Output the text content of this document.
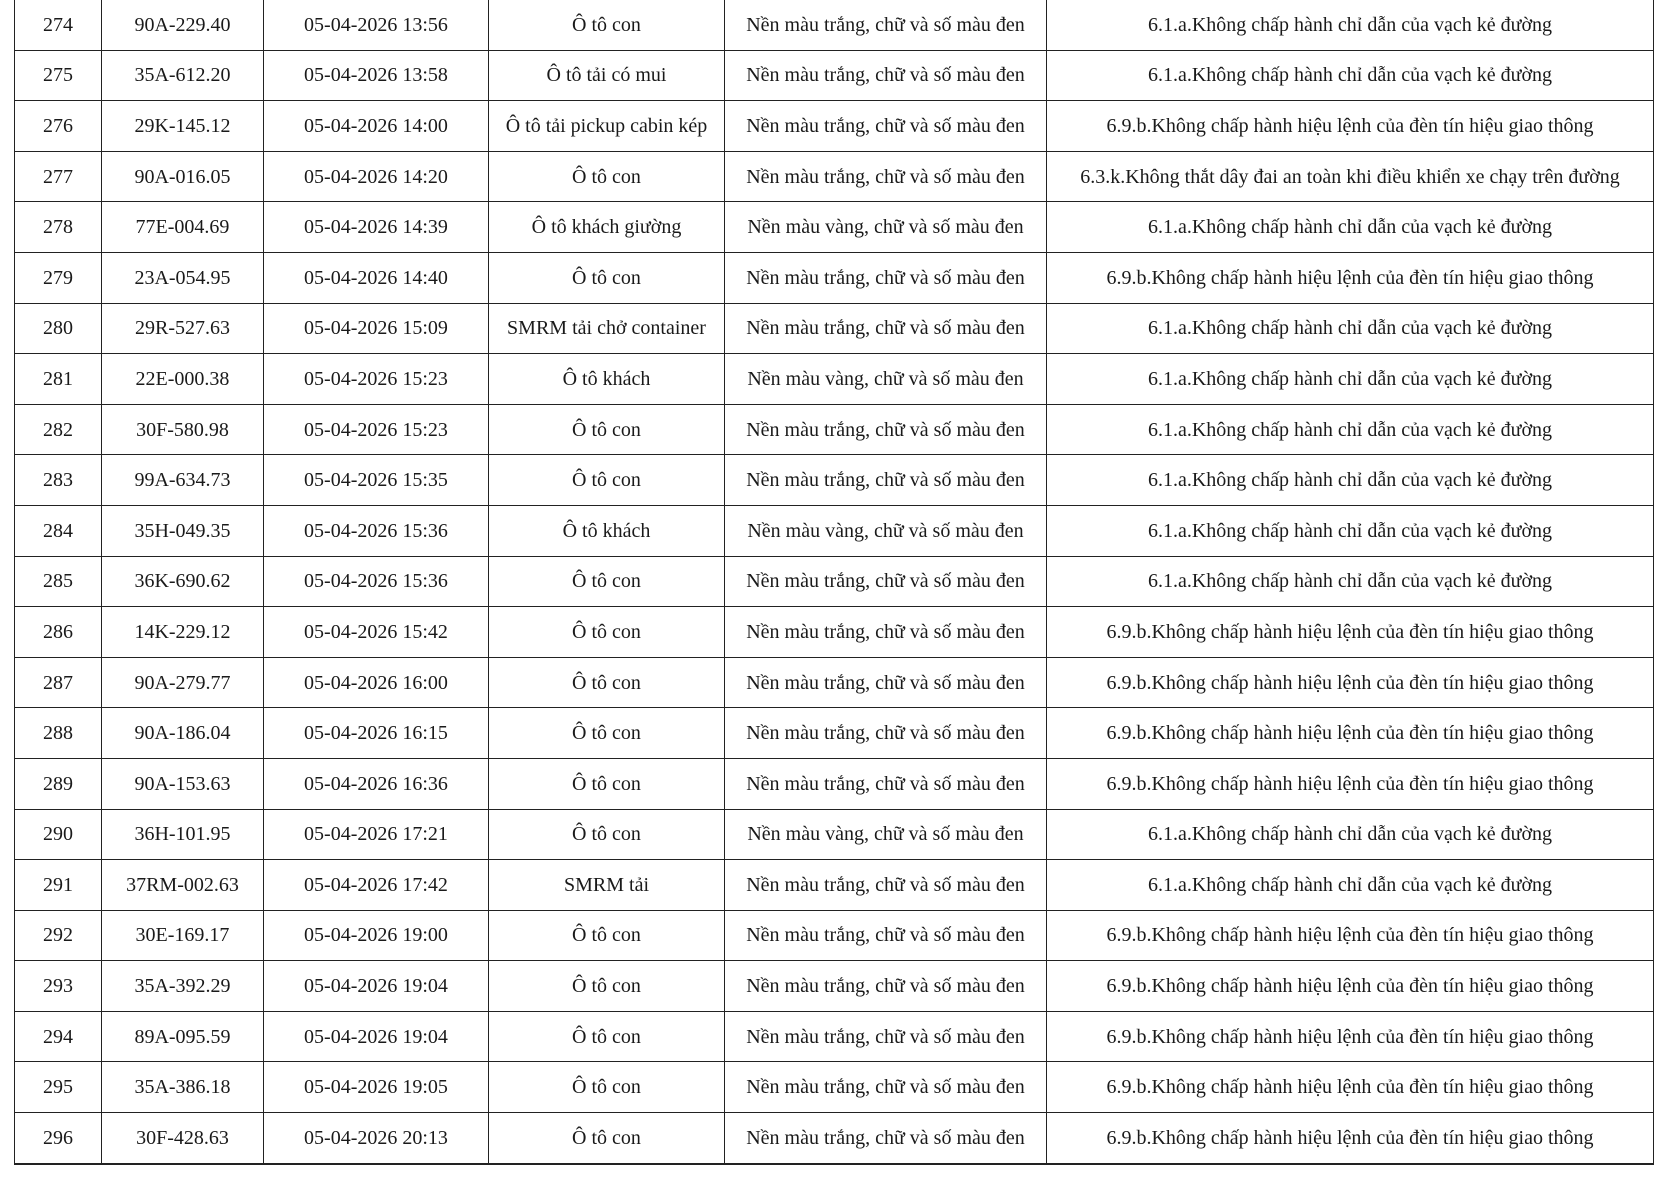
274	90A-229.40	05-04-2026 13:56	Ô tô con	Nền màu trắng, chữ và số màu đen	6.1.a.Không chấp hành chỉ dẫn của vạch kẻ đường
275	35A-612.20	05-04-2026 13:58	Ô tô tải có mui	Nền màu trắng, chữ và số màu đen	6.1.a.Không chấp hành chỉ dẫn của vạch kẻ đường
276	29K-145.12	05-04-2026 14:00	Ô tô tải pickup cabin kép	Nền màu trắng, chữ và số màu đen	6.9.b.Không chấp hành hiệu lệnh của đèn tín hiệu giao thông
277	90A-016.05	05-04-2026 14:20	Ô tô con	Nền màu trắng, chữ và số màu đen	6.3.k.Không thắt dây đai an toàn khi điều khiển xe chạy trên đường
278	77E-004.69	05-04-2026 14:39	Ô tô khách giường	Nền màu vàng, chữ và số màu đen	6.1.a.Không chấp hành chỉ dẫn của vạch kẻ đường
279	23A-054.95	05-04-2026 14:40	Ô tô con	Nền màu trắng, chữ và số màu đen	6.9.b.Không chấp hành hiệu lệnh của đèn tín hiệu giao thông
280	29R-527.63	05-04-2026 15:09	SMRM tải chở container	Nền màu trắng, chữ và số màu đen	6.1.a.Không chấp hành chỉ dẫn của vạch kẻ đường
281	22E-000.38	05-04-2026 15:23	Ô tô khách	Nền màu vàng, chữ và số màu đen	6.1.a.Không chấp hành chỉ dẫn của vạch kẻ đường
282	30F-580.98	05-04-2026 15:23	Ô tô con	Nền màu trắng, chữ và số màu đen	6.1.a.Không chấp hành chỉ dẫn của vạch kẻ đường
283	99A-634.73	05-04-2026 15:35	Ô tô con	Nền màu trắng, chữ và số màu đen	6.1.a.Không chấp hành chỉ dẫn của vạch kẻ đường
284	35H-049.35	05-04-2026 15:36	Ô tô khách	Nền màu vàng, chữ và số màu đen	6.1.a.Không chấp hành chỉ dẫn của vạch kẻ đường
285	36K-690.62	05-04-2026 15:36	Ô tô con	Nền màu trắng, chữ và số màu đen	6.1.a.Không chấp hành chỉ dẫn của vạch kẻ đường
286	14K-229.12	05-04-2026 15:42	Ô tô con	Nền màu trắng, chữ và số màu đen	6.9.b.Không chấp hành hiệu lệnh của đèn tín hiệu giao thông
287	90A-279.77	05-04-2026 16:00	Ô tô con	Nền màu trắng, chữ và số màu đen	6.9.b.Không chấp hành hiệu lệnh của đèn tín hiệu giao thông
288	90A-186.04	05-04-2026 16:15	Ô tô con	Nền màu trắng, chữ và số màu đen	6.9.b.Không chấp hành hiệu lệnh của đèn tín hiệu giao thông
289	90A-153.63	05-04-2026 16:36	Ô tô con	Nền màu trắng, chữ và số màu đen	6.9.b.Không chấp hành hiệu lệnh của đèn tín hiệu giao thông
290	36H-101.95	05-04-2026 17:21	Ô tô con	Nền màu vàng, chữ và số màu đen	6.1.a.Không chấp hành chỉ dẫn của vạch kẻ đường
291	37RM-002.63	05-04-2026 17:42	SMRM tải	Nền màu trắng, chữ và số màu đen	6.1.a.Không chấp hành chỉ dẫn của vạch kẻ đường
292	30E-169.17	05-04-2026 19:00	Ô tô con	Nền màu trắng, chữ và số màu đen	6.9.b.Không chấp hành hiệu lệnh của đèn tín hiệu giao thông
293	35A-392.29	05-04-2026 19:04	Ô tô con	Nền màu trắng, chữ và số màu đen	6.9.b.Không chấp hành hiệu lệnh của đèn tín hiệu giao thông
294	89A-095.59	05-04-2026 19:04	Ô tô con	Nền màu trắng, chữ và số màu đen	6.9.b.Không chấp hành hiệu lệnh của đèn tín hiệu giao thông
295	35A-386.18	05-04-2026 19:05	Ô tô con	Nền màu trắng, chữ và số màu đen	6.9.b.Không chấp hành hiệu lệnh của đèn tín hiệu giao thông
296	30F-428.63	05-04-2026 20:13	Ô tô con	Nền màu trắng, chữ và số màu đen	6.9.b.Không chấp hành hiệu lệnh của đèn tín hiệu giao thông
